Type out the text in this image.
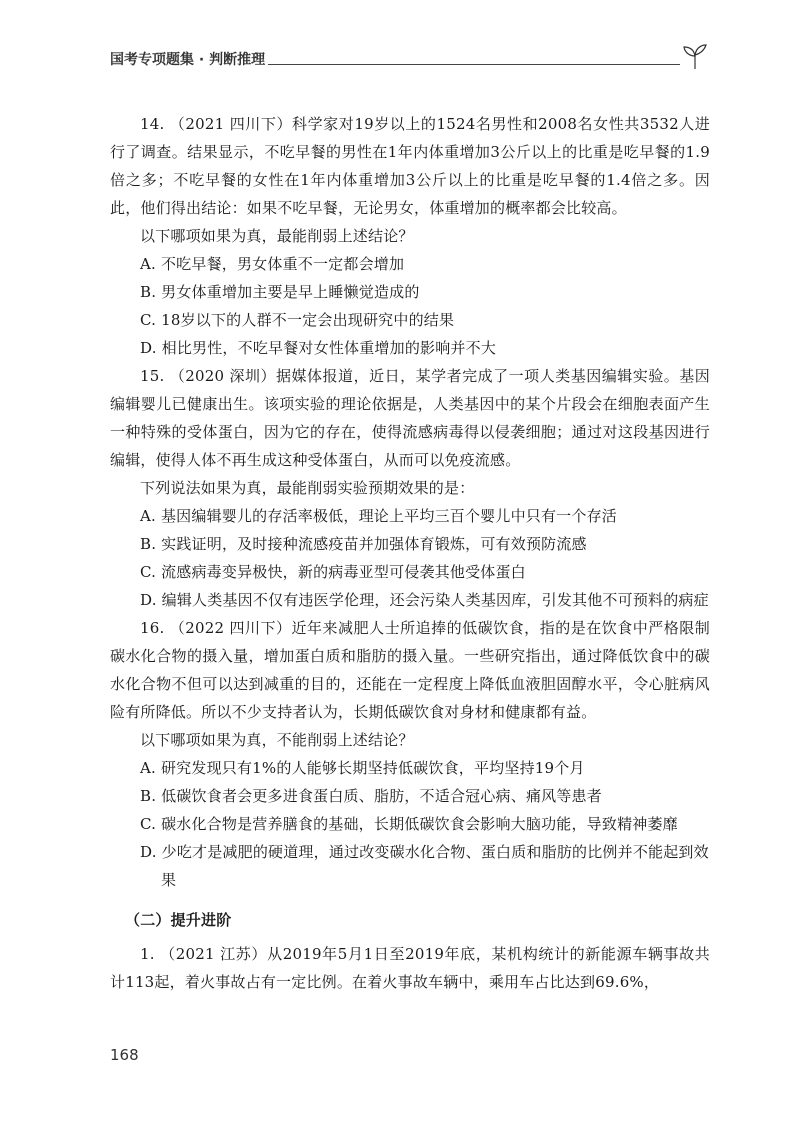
国考专项题集 · 判断推理

14. （2021 四川下）科学家对19岁以上的1524名男性和2008名女性共3532人进行了调查。结果显示，不吃早餐的男性在1年内体重增加3公斤以上的比重是吃早餐的1.9倍之多；不吃早餐的女性在1年内体重增加3公斤以上的比重是吃早餐的1.4倍之多。因此，他们得出结论：如果不吃早餐，无论男女，体重增加的概率都会比较高。

以下哪项如果为真，最能削弱上述结论？

A. 不吃早餐，男女体重不一定都会增加

B. 男女体重增加主要是早上睡懒觉造成的

C. 18岁以下的人群不一定会出现研究中的结果

D. 相比男性，不吃早餐对女性体重增加的影响并不大

15. （2020 深圳）据媒体报道，近日，某学者完成了一项人类基因编辑实验。基因编辑婴儿已健康出生。该项实验的理论依据是，人类基因中的某个片段会在细胞表面产生一种特殊的受体蛋白，因为它的存在，使得流感病毒得以侵袭细胞；通过对这段基因进行编辑，使得人体不再生成这种受体蛋白，从而可以免疫流感。

下列说法如果为真，最能削弱实验预期效果的是：

A. 基因编辑婴儿的存活率极低，理论上平均三百个婴儿中只有一个存活

B. 实践证明，及时接种流感疫苗并加强体育锻炼，可有效预防流感

C. 流感病毒变异极快，新的病毒亚型可侵袭其他受体蛋白

D. 编辑人类基因不仅有违医学伦理，还会污染人类基因库，引发其他不可预料的病症

16. （2022 四川下）近年来减肥人士所追捧的低碳饮食，指的是在饮食中严格限制碳水化合物的摄入量，增加蛋白质和脂肪的摄入量。一些研究指出，通过降低饮食中的碳水化合物不但可以达到减重的目的，还能在一定程度上降低血液胆固醇水平，令心脏病风险有所降低。所以不少支持者认为，长期低碳饮食对身材和健康都有益。

以下哪项如果为真，不能削弱上述结论？

A. 研究发现只有1%的人能够长期坚持低碳饮食，平均坚持19个月

B. 低碳饮食者会更多进食蛋白质、脂肪，不适合冠心病、痛风等患者

C. 碳水化合物是营养膳食的基础，长期低碳饮食会影响大脑功能，导致精神萎靡

D. 少吃才是减肥的硬道理，通过改变碳水化合物、蛋白质和脂肪的比例并不能起到效果

（二）提升进阶

1. （2021 江苏）从2019年5月1日至2019年底，某机构统计的新能源车辆事故共计113起，着火事故占有一定比例。在着火事故车辆中，乘用车占比达到69.6%，

168
